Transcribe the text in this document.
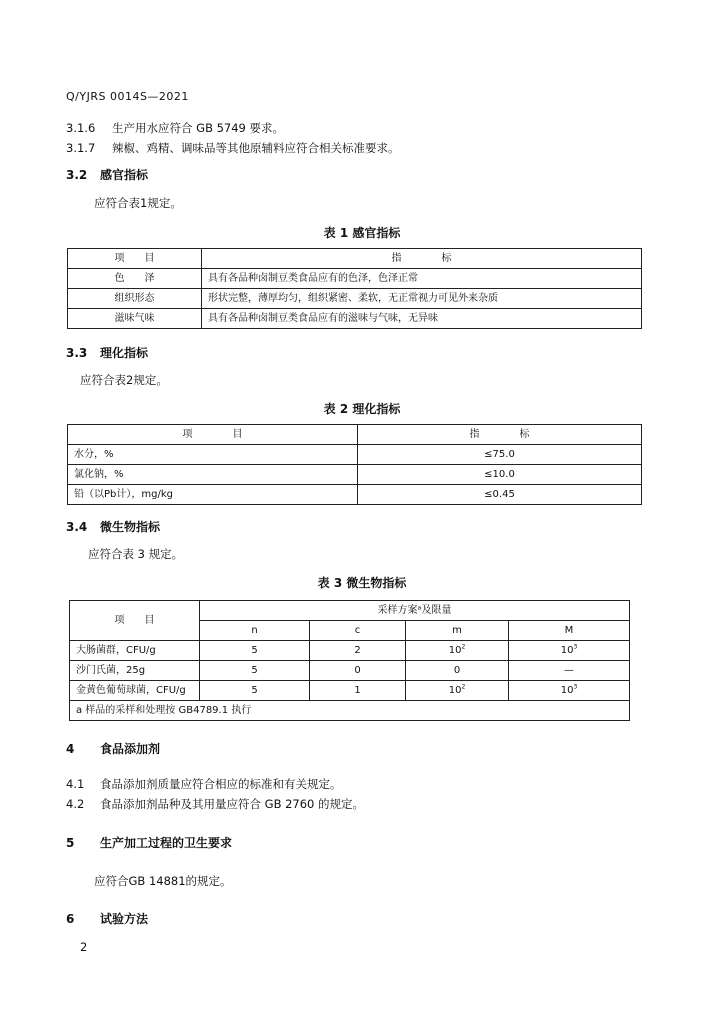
Q/YJRS 0014S—2021
3.1.6 生产用水应符合 GB 5749 要求。
3.1.7 辣椒、鸡精、调味品等其他原辅料应符合相关标准要求。
3.2 感官指标
应符合表1规定。
表 1 感官指标
项　　目	指　　　　标
色　　泽	具有各品种卤制豆类食品应有的色泽，色泽正常
组织形态	形状完整，薄厚均匀，组织紧密、柔软，无正常视力可见外来杂质
滋味气味	具有各品种卤制豆类食品应有的滋味与气味，无异味
3.3 理化指标
应符合表2规定。
表 2 理化指标
项　　　　目	指　　　　标
水分，%	≤75.0
氯化钠，%	≤10.0
铅（以Pb计），mg/kg	≤0.45
3.4 微生物指标
应符合表 3 规定。
表 3 微生物指标
项　　目	采样方案ᵃ及限量			
	n	c	m	M
大肠菌群，CFU/g	5	2	$10^2$	$10^3$
沙门氏菌，25g	5	0	0	—
金黄色葡萄球菌，CFU/g	5	1	$10^2$	$10^3$
a 样品的采样和处理按 GB4789.1 执行				
4 食品添加剂
4.1 食品添加剂质量应符合相应的标准和有关规定。
4.2 食品添加剂品种及其用量应符合 GB 2760 的规定。
5 生产加工过程的卫生要求
应符合GB 14881的规定。
6 试验方法
2
